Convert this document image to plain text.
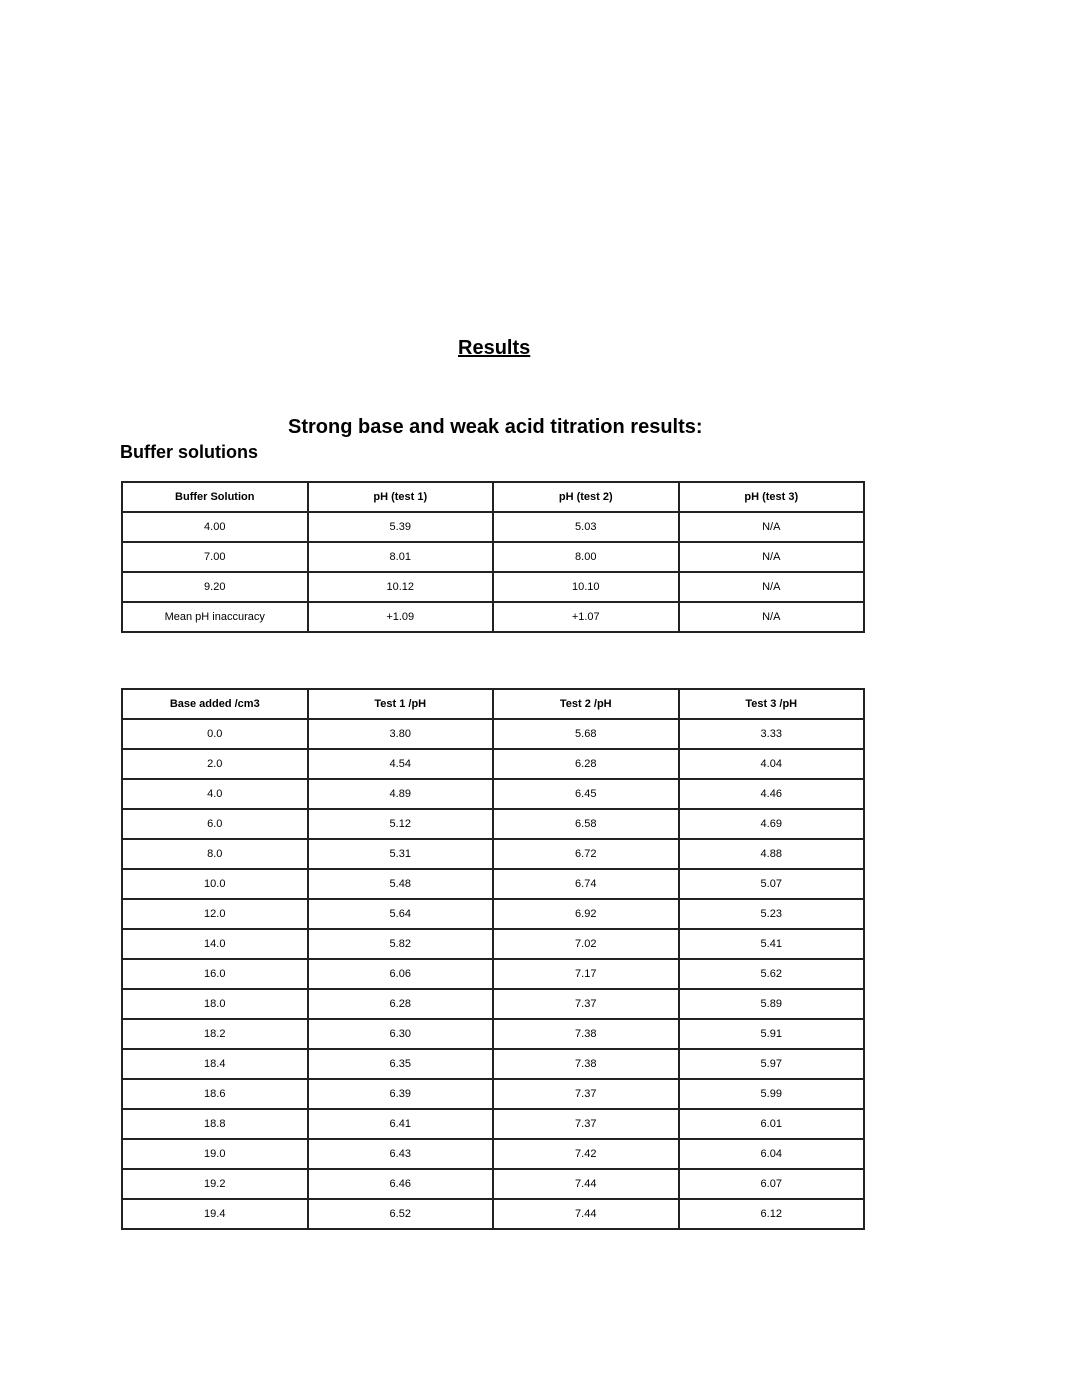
Results
Strong base and weak acid titration results:
Buffer solutions
Buffer Solution	pH (test 1)	pH (test 2)	pH (test 3)
4.00	5.39	5.03	N/A
7.00	8.01	8.00	N/A
9.20	10.12	10.10	N/A
Mean pH inaccuracy	+1.09	+1.07	N/A
Base added /cm3	Test 1 /pH	Test 2 /pH	Test 3 /pH
0.0	3.80	5.68	3.33
2.0	4.54	6.28	4.04
4.0	4.89	6.45	4.46
6.0	5.12	6.58	4.69
8.0	5.31	6.72	4.88
10.0	5.48	6.74	5.07
12.0	5.64	6.92	5.23
14.0	5.82	7.02	5.41
16.0	6.06	7.17	5.62
18.0	6.28	7.37	5.89
18.2	6.30	7.38	5.91
18.4	6.35	7.38	5.97
18.6	6.39	7.37	5.99
18.8	6.41	7.37	6.01
19.0	6.43	7.42	6.04
19.2	6.46	7.44	6.07
19.4	6.52	7.44	6.12
